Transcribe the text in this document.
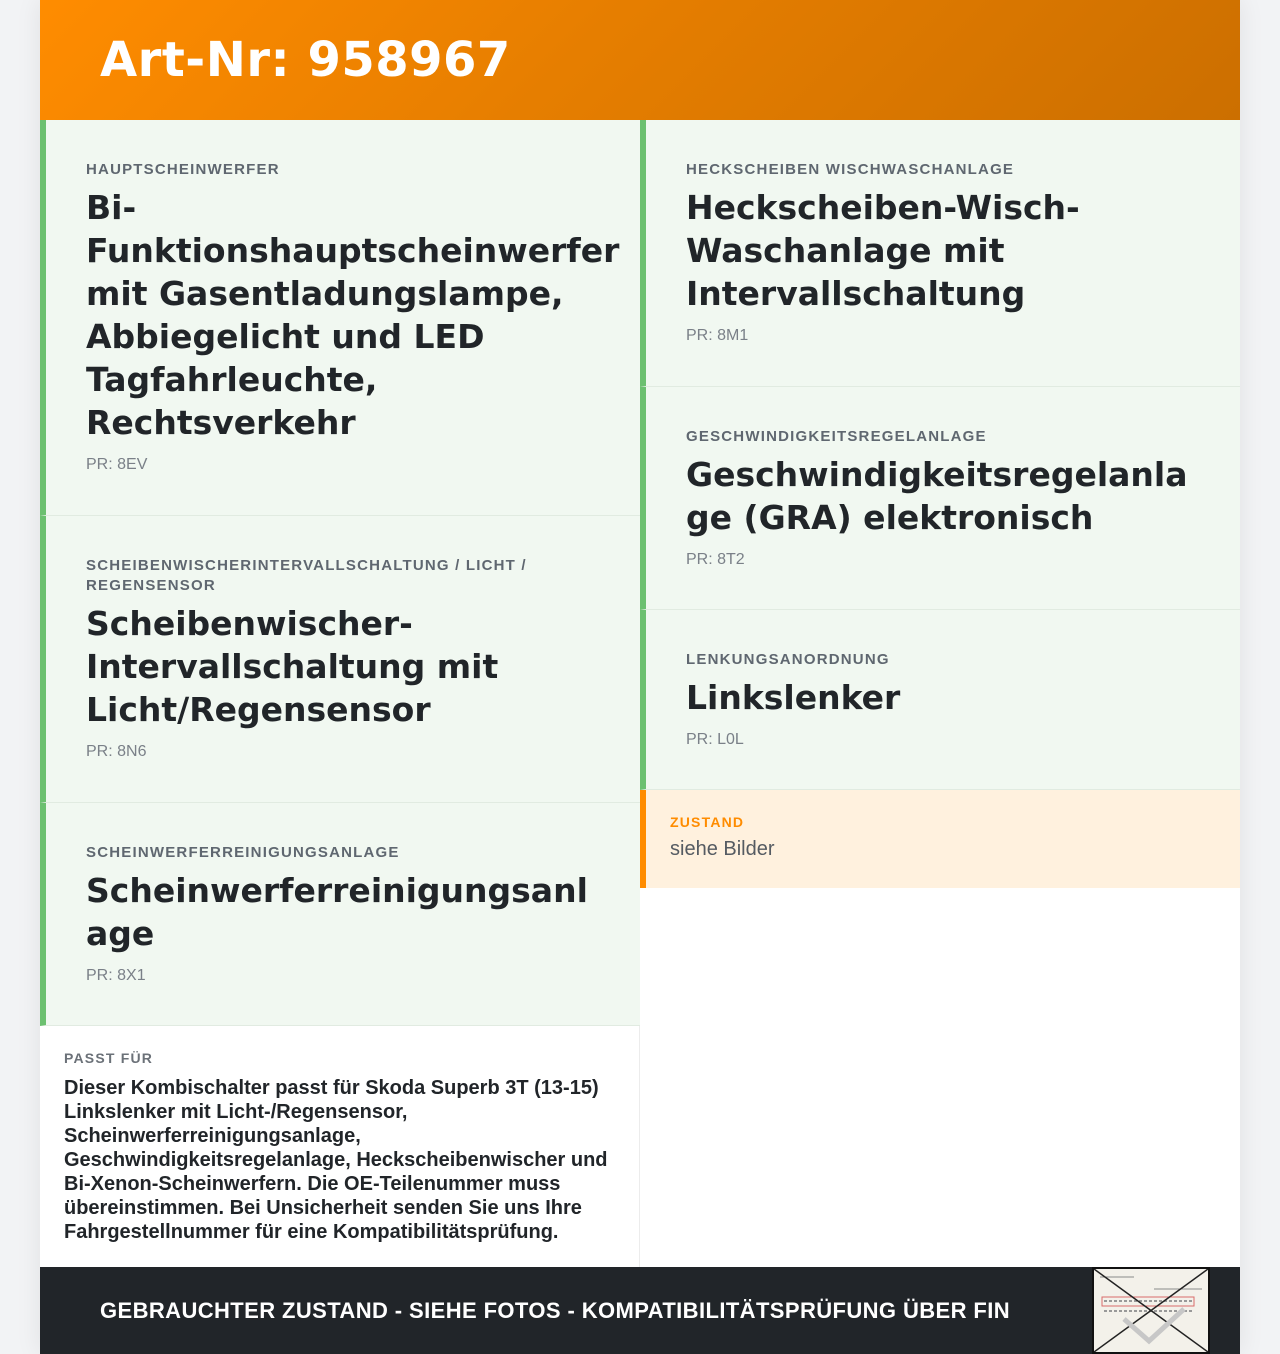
Art-Nr: 958967
HAUPTSCHEINWERFER
Bi-Funktionshauptscheinwerfer mit Gasentladungslampe, Abbiegelicht und LED Tagfahrleuchte, Rechtsverkehr
PR: 8EV
SCHEIBENWISCHERINTERVALLSCHALTUNG / LICHT / REGENSENSOR
Scheibenwischer-Intervallschaltung mit Licht/Regensensor
PR: 8N6
SCHEINWERFERREINIGUNGSANLAGE
Scheinwerferreinigungsanlage
PR: 8X1
PASST FÜR
Dieser Kombischalter passt für Skoda Superb 3T (13-15) Linkslenker mit Licht-/Regensensor, Scheinwerferreinigungsanlage, Geschwindigkeitsregelanlage, Heckscheibenwischer und Bi-Xenon-Scheinwerfern. Die OE-Teilenummer muss übereinstimmen. Bei Unsicherheit senden Sie uns Ihre Fahrgestellnummer für eine Kompatibilitätsprüfung.
HECKSCHEIBEN WISCHWASCHANLAGE
Heckscheiben-Wisch-Waschanlage mit Intervallschaltung
PR: 8M1
GESCHWINDIGKEITSREGELANLAGE
Geschwindigkeitsregelanlage (GRA) elektronisch
PR: 8T2
LENKUNGSANORDNUNG
Linkslenker
PR: L0L
ZUSTAND
siehe Bilder
GEBRAUCHTER ZUSTAND - SIEHE FOTOS - KOMPATIBILITÄTSPRÜFUNG ÜBER FIN
